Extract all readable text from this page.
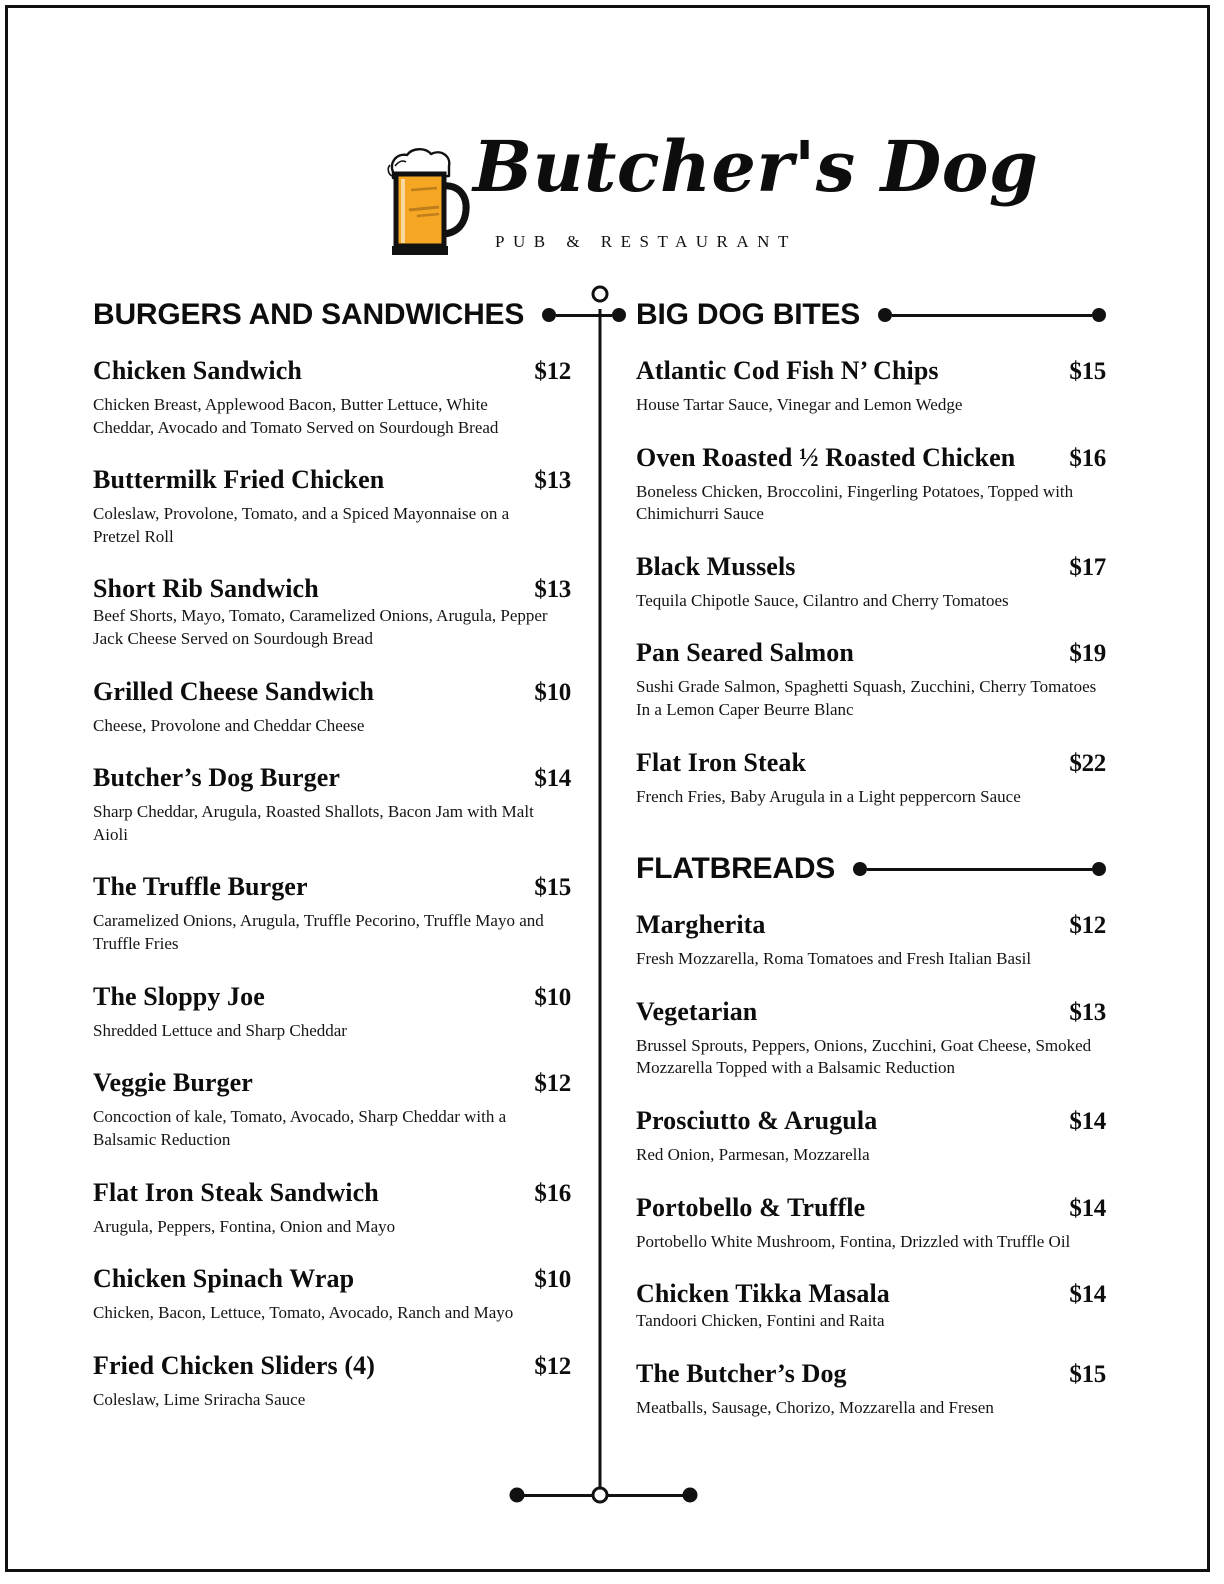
Butcher's Dog
PUB & RESTAURANT
BURGERS AND SANDWICHES
Chicken Sandwich	$12
Chicken Breast, Applewood Bacon, Butter Lettuce, White Cheddar, Avocado and Tomato Served on Sourdough Bread
Buttermilk Fried Chicken	$13
Coleslaw, Provolone, Tomato, and a Spiced Mayonnaise on a Pretzel Roll
Short Rib Sandwich	$13
Beef Shorts, Mayo, Tomato, Caramelized Onions, Arugula, Pepper Jack Cheese Served on Sourdough Bread
Grilled Cheese Sandwich	$10
Cheese, Provolone and Cheddar Cheese
Butcher’s Dog Burger	$14
Sharp Cheddar, Arugula, Roasted Shallots, Bacon Jam with Malt Aioli
The Truffle Burger	$15
Caramelized Onions, Arugula, Truffle Pecorino, Truffle Mayo and Truffle Fries
The Sloppy Joe	$10
Shredded Lettuce and Sharp Cheddar
Veggie Burger	$12
Concoction of kale, Tomato, Avocado, Sharp Cheddar with a Balsamic Reduction
Flat Iron Steak Sandwich	$16
Arugula, Peppers, Fontina, Onion and Mayo
Chicken Spinach Wrap	$10
Chicken, Bacon, Lettuce, Tomato, Avocado, Ranch and Mayo
Fried Chicken Sliders (4)	$12
Coleslaw, Lime Sriracha Sauce
BIG DOG BITES
Atlantic Cod Fish N’ Chips	$15
House Tartar Sauce, Vinegar and Lemon Wedge
Oven Roasted ½ Roasted Chicken $16
Boneless Chicken, Broccolini, Fingerling Potatoes, Topped with Chimichurri Sauce
Black Mussels	$17
Tequila Chipotle Sauce, Cilantro and Cherry Tomatoes
Pan Seared Salmon	$19
Sushi Grade Salmon, Spaghetti Squash, Zucchini, Cherry Tomatoes In a Lemon Caper Beurre Blanc
Flat Iron Steak	$22
French Fries, Baby Arugula in a Light peppercorn Sauce
FLATBREADS
Margherita	$12
Fresh Mozzarella, Roma Tomatoes and Fresh Italian Basil
Vegetarian	$13
Brussel Sprouts, Peppers, Onions, Zucchini, Goat Cheese, Smoked Mozzarella Topped with a Balsamic Reduction
Prosciutto & Arugula	$14
Red Onion, Parmesan, Mozzarella
Portobello & Truffle	$14
Portobello White Mushroom, Fontina, Drizzled with Truffle Oil
Chicken Tikka Masala	$14
Tandoori Chicken, Fontini and Raita
The Butcher’s Dog	$15
Meatballs, Sausage, Chorizo, Mozzarella and Fresen
